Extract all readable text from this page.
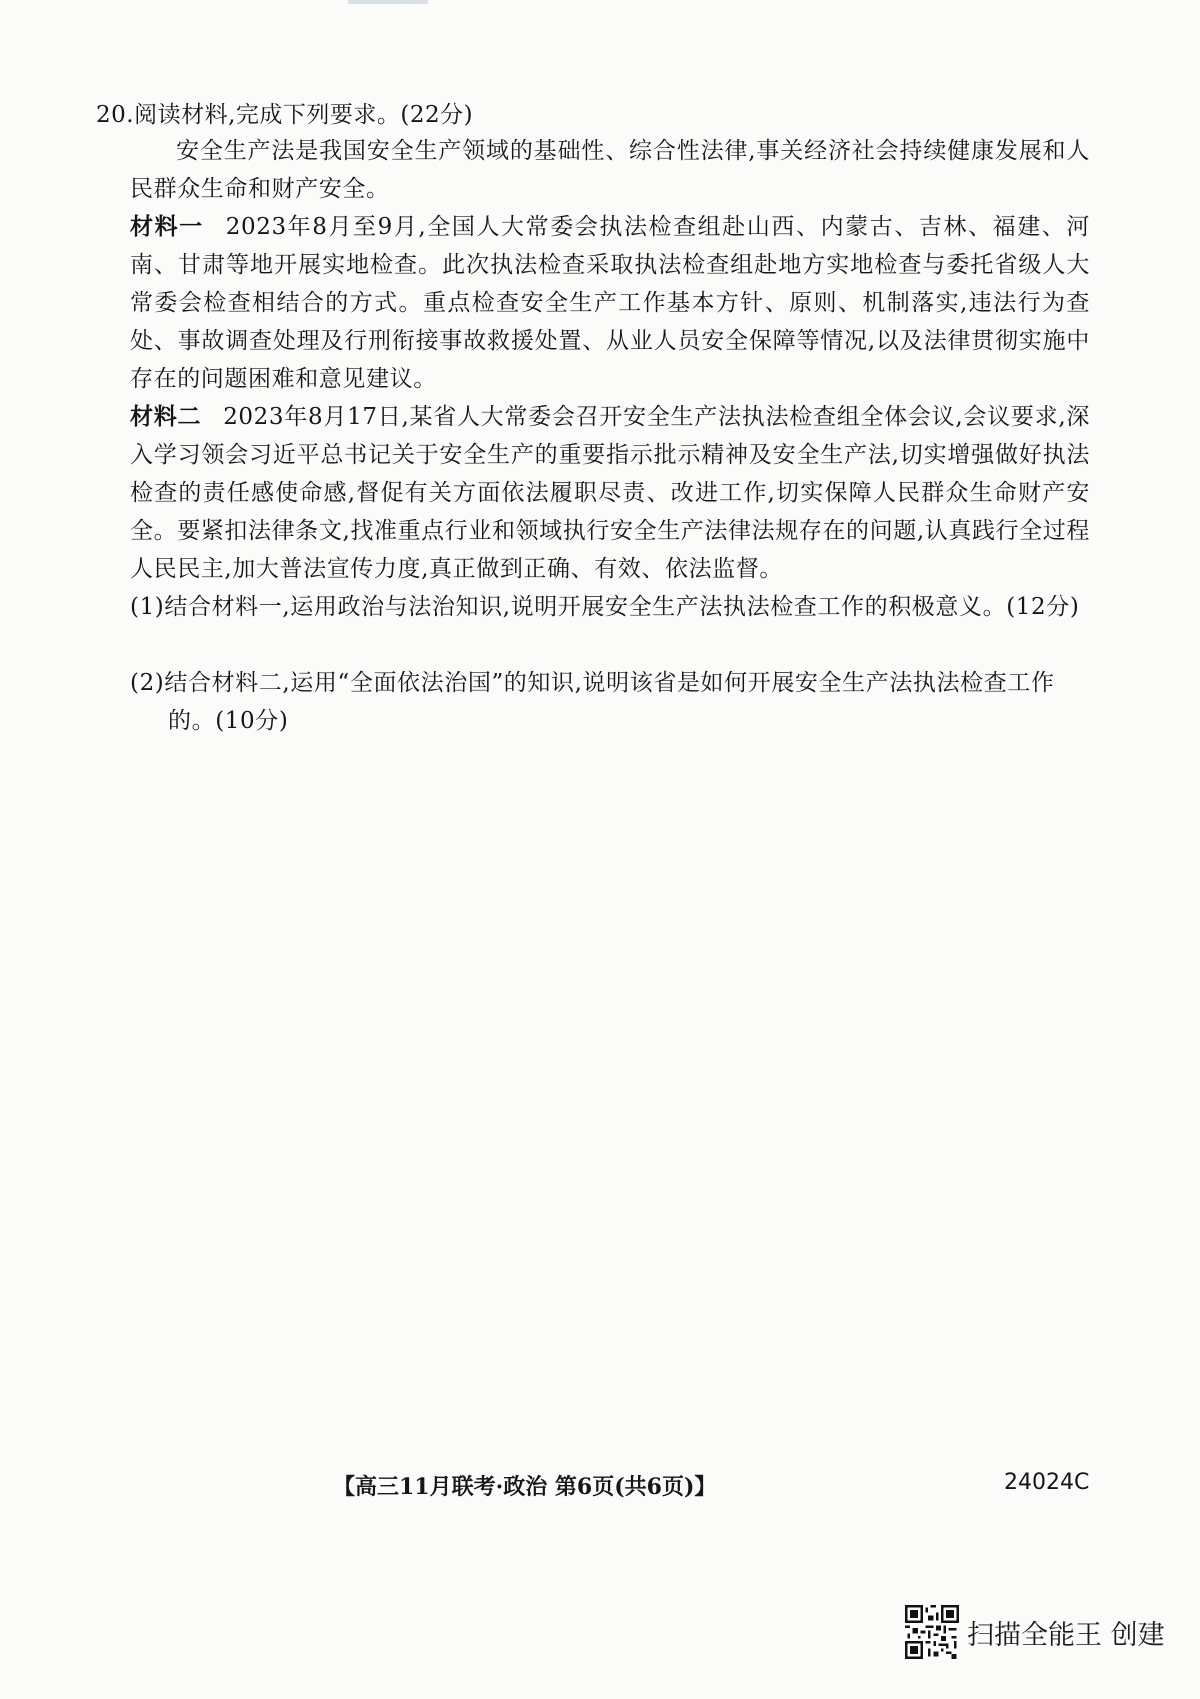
20.阅读材料,完成下列要求。(22分)

安全生产法是我国安全生产领域的基础性、综合性法律,事关经济社会持续健康发展和人民群众生命和财产安全。

材料一 2023年8月至9月,全国人大常委会执法检查组赴山西、内蒙古、吉林、福建、河南、甘肃等地开展实地检查。此次执法检查采取执法检查组赴地方实地检查与委托省级人大常委会检查相结合的方式。重点检查安全生产工作基本方针、原则、机制落实,违法行为查处、事故调查处理及行刑衔接事故救援处置、从业人员安全保障等情况,以及法律贯彻实施中存在的问题困难和意见建议。

材料二 2023年8月17日,某省人大常委会召开安全生产法执法检查组全体会议,会议要求,深入学习领会习近平总书记关于安全生产的重要指示批示精神及安全生产法,切实增强做好执法检查的责任感使命感,督促有关方面依法履职尽责、改进工作,切实保障人民群众生命财产安全。要紧扣法律条文,找准重点行业和领域执行安全生产法律法规存在的问题,认真践行全过程人民民主,加大普法宣传力度,真正做到正确、有效、依法监督。

(1)结合材料一,运用政治与法治知识,说明开展安全生产法执法检查工作的积极意义。(12分)

(2)结合材料二,运用“全面依法治国”的知识,说明该省是如何开展安全生产法执法检查工作的。(10分)

【高三11月联考·政治 第6页(共6页)】	24024C
扫描全能王 创建
